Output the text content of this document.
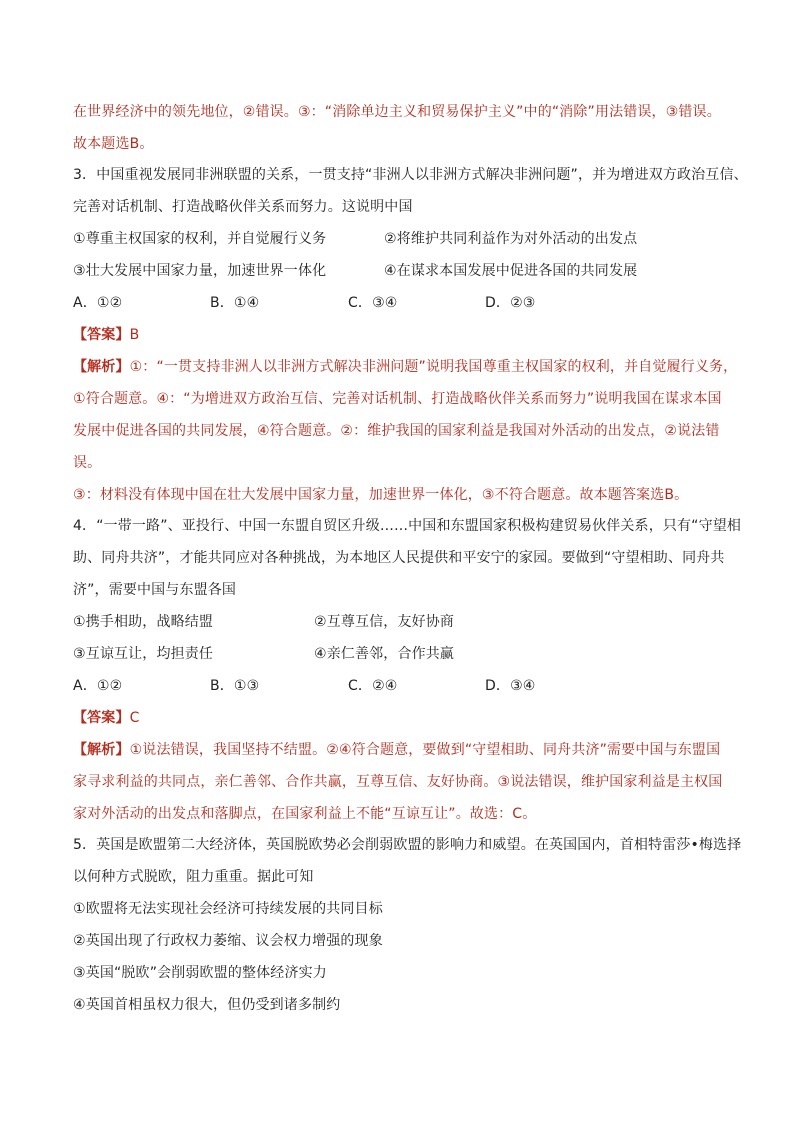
在世界经济中的领先地位，②错误。③：“消除单边主义和贸易保护主义”中的“消除”用法错误，③错误。
故本题选B。
3．中国重视发展同非洲联盟的关系，一贯支持“非洲人以非洲方式解决非洲问题”，并为增进双方政治互信、
完善对话机制、打造战略伙伴关系而努力。这说明中国
①尊重主权国家的权利，并自觉履行义务	②将维护共同利益作为对外活动的出发点
③壮大发展中国家力量，加速世界一体化	④在谋求本国发展中促进各国的共同发展
A．①②	B．①④	C．③④	D．②③
【答案】B
【解析】①：“一贯支持非洲人以非洲方式解决非洲问题”说明我国尊重主权国家的权利，并自觉履行义务，
①符合题意。④：“为增进双方政治互信、完善对话机制、打造战略伙伴关系而努力”说明我国在谋求本国
发展中促进各国的共同发展，④符合题意。②：维护我国的国家利益是我国对外活动的出发点，②说法错
误。
③：材料没有体现中国在壮大发展中国家力量，加速世界一体化，③不符合题意。故本题答案选B。
4．“一带一路”、亚投行、中国一东盟自贸区升级……中国和东盟国家积极构建贸易伙伴关系，只有“守望相
助、同舟共济”，才能共同应对各种挑战，为本地区人民提供和平安宁的家园。要做到“守望相助、同舟共
济”，需要中国与东盟各国
①携手相助，战略结盟	②互尊互信，友好协商
③互谅互让，均担责任	④亲仁善邻，合作共赢
A．①②	B．①③	C．②④	D．③④
【答案】C
【解析】①说法错误，我国坚持不结盟。②④符合题意，要做到“守望相助、同舟共济”需要中国与东盟国
家寻求利益的共同点，亲仁善邻、合作共赢，互尊互信、友好协商。③说法错误，维护国家利益是主权国
家对外活动的出发点和落脚点，在国家利益上不能“互谅互让”。故选：C。
5．英国是欧盟第二大经济体，英国脱欧势必会削弱欧盟的影响力和威望。在英国国内，首相特雷莎•梅选择
以何种方式脱欧，阻力重重。据此可知
①欧盟将无法实现社会经济可持续发展的共同目标
②英国出现了行政权力萎缩、议会权力增强的现象
③英国“脱欧”会削弱欧盟的整体经济实力
④英国首相虽权力很大，但仍受到诸多制约
